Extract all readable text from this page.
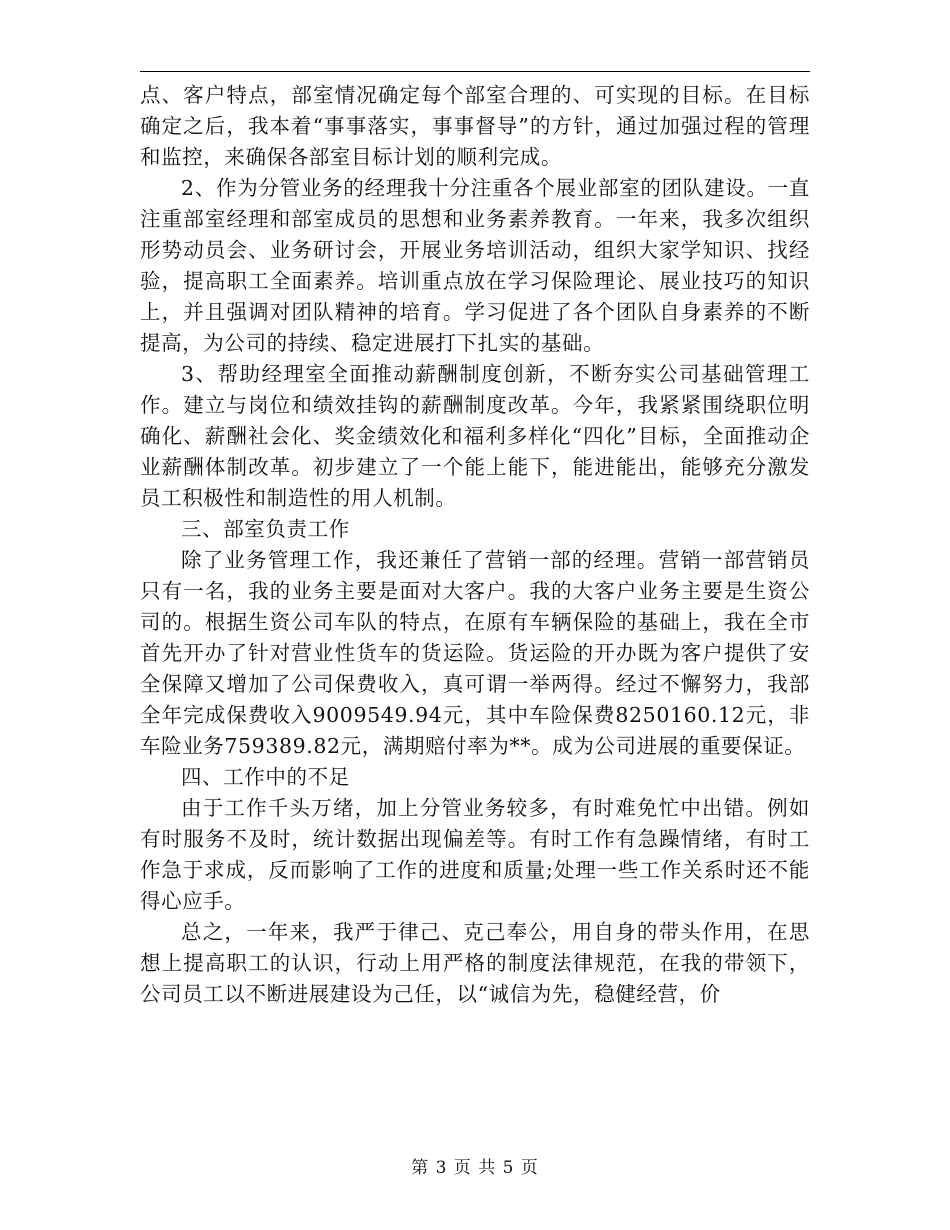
点、客户特点，部室情况确定每个部室合理的、可实现的目标。在目标确定之后，我本着“事事落实，事事督导”的方针，通过加强过程的管理和监控，来确保各部室目标计划的顺利完成。

2、作为分管业务的经理我十分注重各个展业部室的团队建设。一直注重部室经理和部室成员的思想和业务素养教育。一年来，我多次组织形势动员会、业务研讨会，开展业务培训活动，组织大家学知识、找经验，提高职工全面素养。培训重点放在学习保险理论、展业技巧的知识上，并且强调对团队精神的培育。学习促进了各个团队自身素养的不断提高，为公司的持续、稳定进展打下扎实的基础。

3、帮助经理室全面推动薪酬制度创新，不断夯实公司基础管理工作。建立与岗位和绩效挂钩的薪酬制度改革。今年，我紧紧围绕职位明确化、薪酬社会化、奖金绩效化和福利多样化“四化”目标，全面推动企业薪酬体制改革。初步建立了一个能上能下，能进能出，能够充分激发员工积极性和制造性的用人机制。

三、部室负责工作

除了业务管理工作，我还兼任了营销一部的经理。营销一部营销员只有一名，我的业务主要是面对大客户。我的大客户业务主要是生资公司的。根据生资公司车队的特点，在原有车辆保险的基础上，我在全市首先开办了针对营业性货车的货运险。货运险的开办既为客户提供了安全保障又增加了公司保费收入，真可谓一举两得。经过不懈努力，我部全年完成保费收入9009549.94元，其中车险保费8250160.12元，非车险业务759389.82元，满期赔付率为**。成为公司进展的重要保证。

四、工作中的不足

由于工作千头万绪，加上分管业务较多，有时难免忙中出错。例如有时服务不及时，统计数据出现偏差等。有时工作有急躁情绪，有时工作急于求成，反而影响了工作的进度和质量;处理一些工作关系时还不能得心应手。

总之，一年来，我严于律己、克己奉公，用自身的带头作用，在思想上提高职工的认识，行动上用严格的制度法律规范，在我的带领下，公司员工以不断进展建设为己任，以“诚信为先，稳健经营，价

第 3 页 共 5 页
